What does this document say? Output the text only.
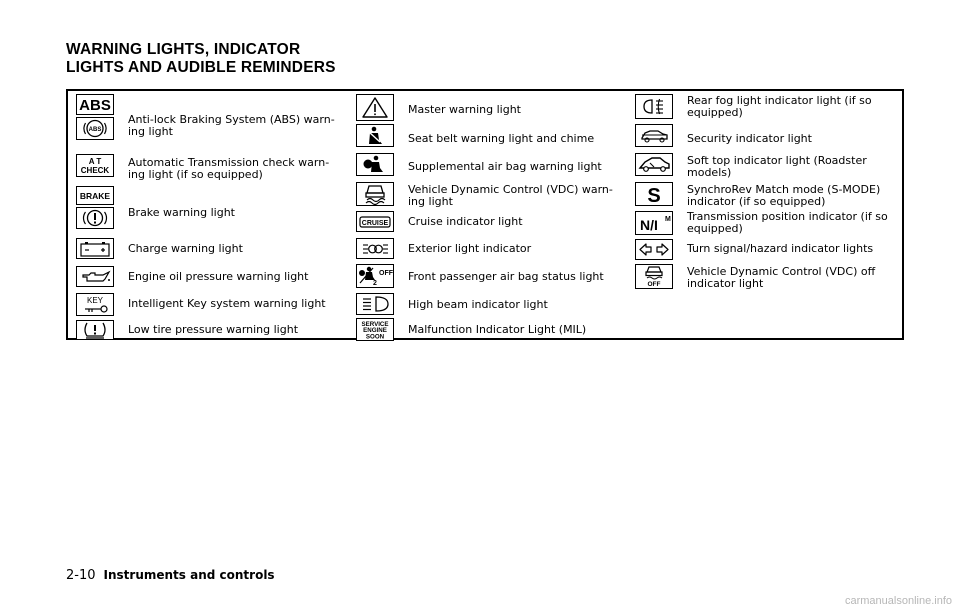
WARNING LIGHTS, INDICATOR
LIGHTS AND AUDIBLE REMINDERS
ABS
ABS
Anti-lock Braking System (ABS) warn-
ing light
A T
CHECK
Automatic Transmission check warn-
ing light (if so equipped)
BRAKE
Brake warning light
Charge warning light
Engine oil pressure warning light
KEY Intelligent Key system warning light
Low tire pressure warning light
Master warning light
Seat belt warning light and chime
Supplemental air bag warning light
Vehicle Dynamic Control (VDC) warn-
ing light
CRUISE Cruise indicator light
Exterior light indicator
2
OFF Front passenger air bag status light
High beam indicator light
SERVICE
ENGINE
SOON
Malfunction Indicator Light (MIL)
Rear fog light indicator light (if so
equipped)
Security indicator light
Soft top indicator light (Roadster
models)
S SynchroRev Match mode (S-MODE)
indicator (if so equipped)
N/I M Transmission position indicator (if so
equipped)
Turn signal/hazard indicator lights
OFF
Vehicle Dynamic Control (VDC) off
indicator light
2-10 Instruments and controls
carmanualsonline.info
